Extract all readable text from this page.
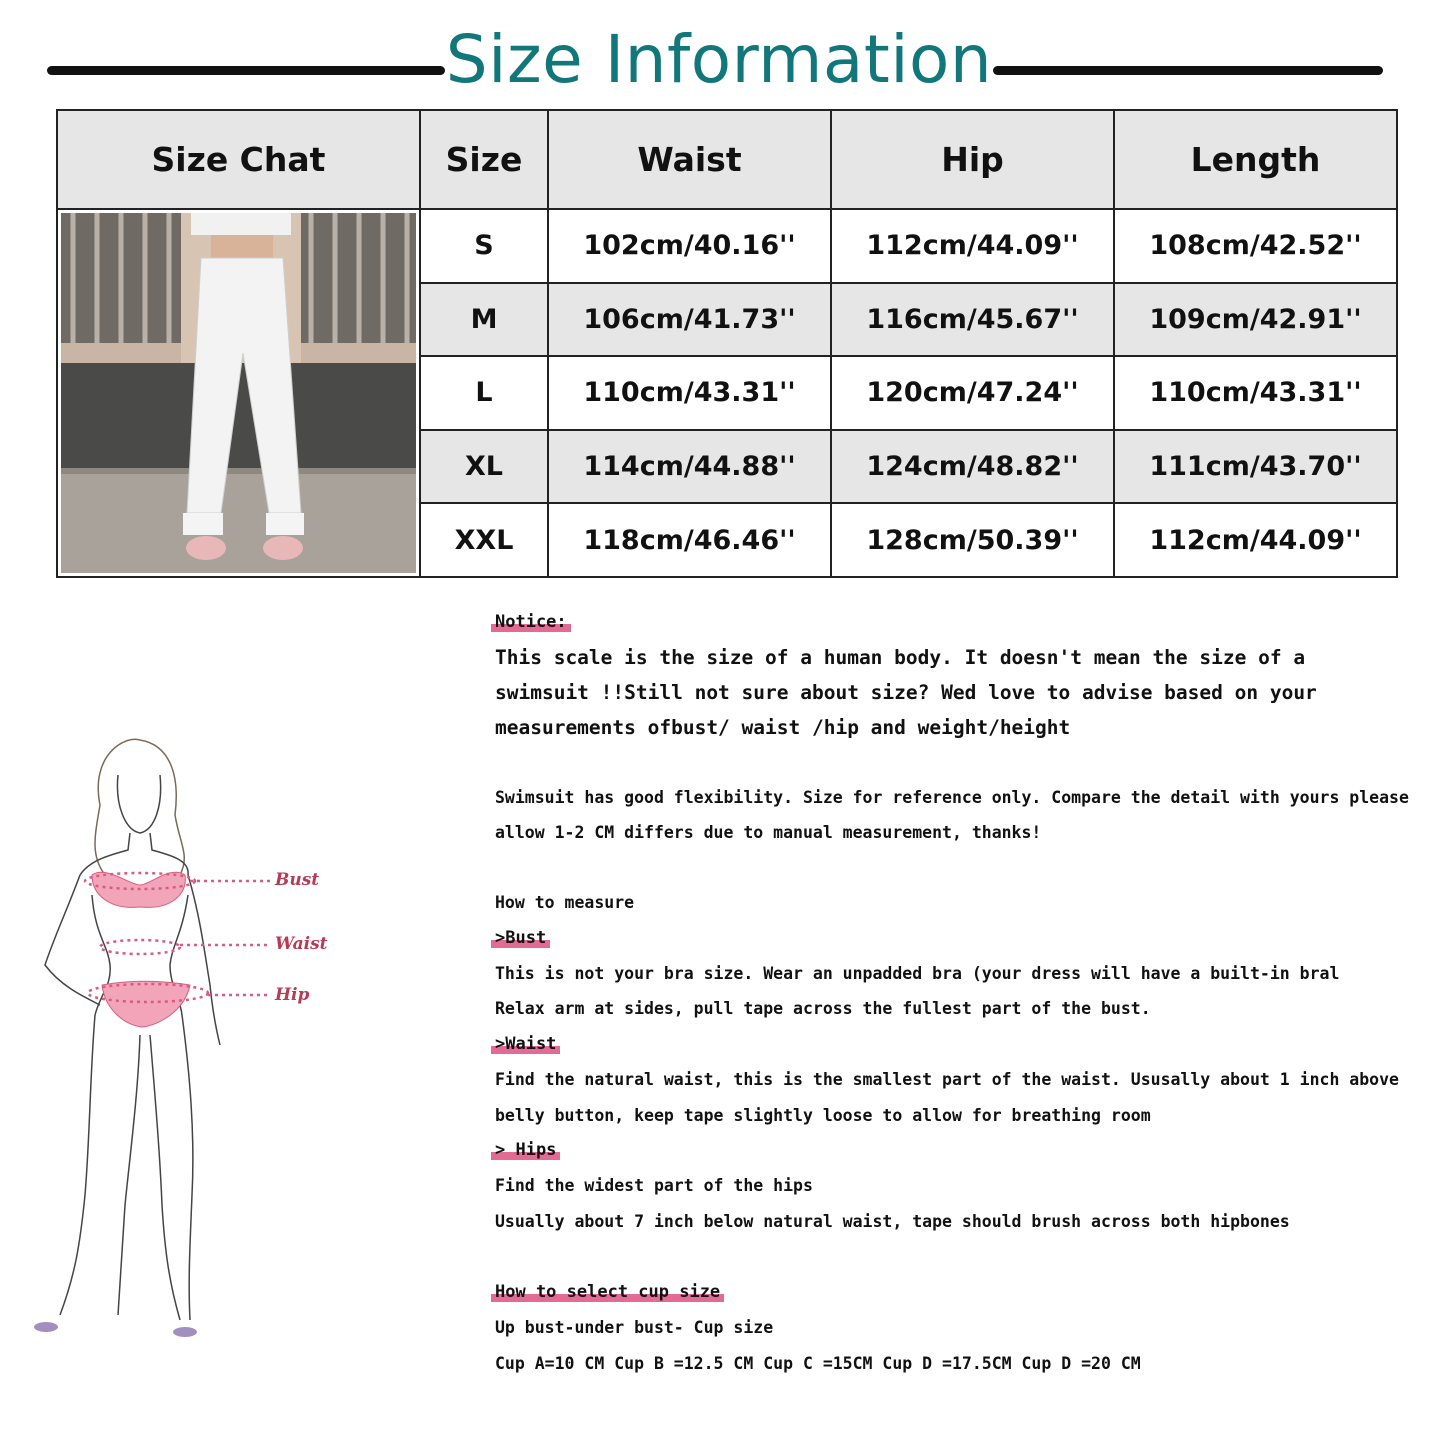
Size Information
Size Chat	Size	Waist	Hip	Length

	S	102cm/40.16''	112cm/44.09''	108cm/42.52''
	M	106cm/41.73''	116cm/45.67''	109cm/42.91''
	L	110cm/43.31''	120cm/47.24''	110cm/43.31''
	XL	114cm/44.88''	124cm/48.82''	111cm/43.70''
	XXL	118cm/46.46''	128cm/50.39''	112cm/44.09''
Bust
Waist
Hip
Notice:
This scale is the size of a human body. It doesn't mean the size of a
swimsuit !!Still not sure about size? Wed love to advise based on your
measurements ofbust/ waist /hip and weight/height
Swimsuit has good flexibility. Size for reference only. Compare the detail with yours please
allow 1-2 CM differs due to manual measurement, thanks!
How to measure
>Bust
This is not your bra size. Wear an unpadded bra (your dress will have a built-in bral
Relax arm at sides, pull tape across the fullest part of the bust.
>Waist
Find the natural waist, this is the smallest part of the waist. Ususally about 1 inch above
belly button, keep tape slightly loose to allow for breathing room
> Hips
Find the widest part of the hips
Usually about 7 inch below natural waist, tape should brush across both hipbones
How to select cup size
Up bust-under bust- Cup size
Cup A=10 CM Cup B =12.5 CM Cup C =15CM Cup D =17.5CM Cup D =20 CM
